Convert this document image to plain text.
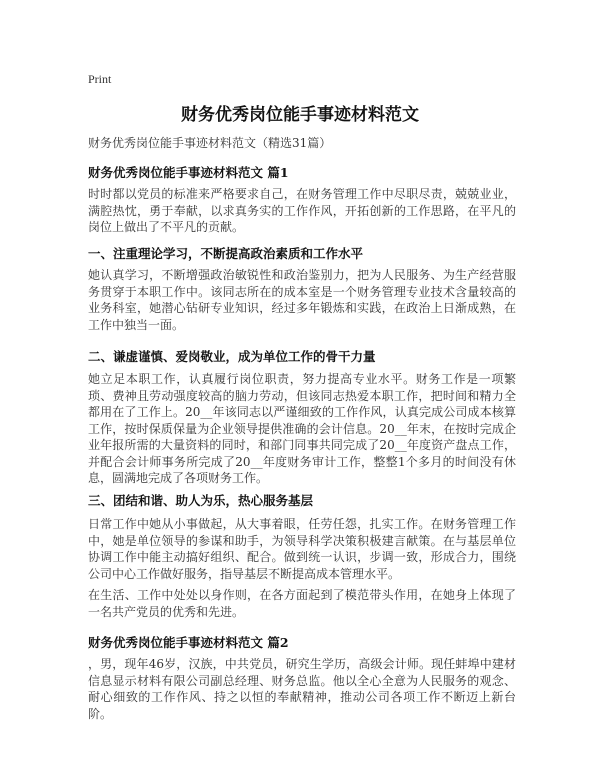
Print
财务优秀岗位能手事迹材料范文
财务优秀岗位能手事迹材料范文（精选31篇）
财务优秀岗位能手事迹材料范文 篇1
时时都以党员的标准来严格要求自己，在财务管理工作中尽职尽责，兢兢业业，满腔热忱，勇于奉献，以求真务实的工作作风，开拓创新的工作思路，在平凡的岗位上做出了不平凡的贡献。
一、注重理论学习，不断提高政治素质和工作水平
她认真学习，不断增强政治敏锐性和政治鉴别力，把为人民服务、为生产经营服务贯穿于本职工作中。该同志所在的成本室是一个财务管理专业技术含量较高的业务科室，她潜心钻研专业知识，经过多年锻炼和实践，在政治上日渐成熟，在工作中独当一面。
二、谦虚谨慎、爱岗敬业，成为单位工作的骨干力量
她立足本职工作，认真履行岗位职责，努力提高专业水平。财务工作是一项繁琐、费神且劳动强度较高的脑力劳动，但该同志热爱本职工作，把时间和精力全都用在了工作上。20__年该同志以严谨细致的工作作风，认真完成公司成本核算工作，按时保质保量为企业领导提供准确的会计信息。20__年末，在按时完成企业年报所需的大量资料的同时，和部门同事共同完成了20__年度资产盘点工作，并配合会计师事务所完成了20__年度财务审计工作，整整1个多月的时间没有休息，圆满地完成了各项财务工作。
三、团结和谐、助人为乐，热心服务基层
日常工作中她从小事做起，从大事着眼，任劳任怨，扎实工作。在财务管理工作中，她是单位领导的参谋和助手，为领导科学决策积极建言献策。在与基层单位协调工作中能主动搞好组织、配合。做到统一认识，步调一致，形成合力，围绕公司中心工作做好服务，指导基层不断提高成本管理水平。
在生活、工作中处处以身作则，在各方面起到了模范带头作用，在她身上体现了一名共产党员的优秀和先进。
财务优秀岗位能手事迹材料范文 篇2
，男，现年46岁，汉族，中共党员，研究生学历，高级会计师。现任蚌埠中建材信息显示材料有限公司副总经理、财务总监。他以全心全意为人民服务的观念、耐心细致的工作作风、持之以恒的奉献精神，推动公司各项工作不断迈上新台阶。
